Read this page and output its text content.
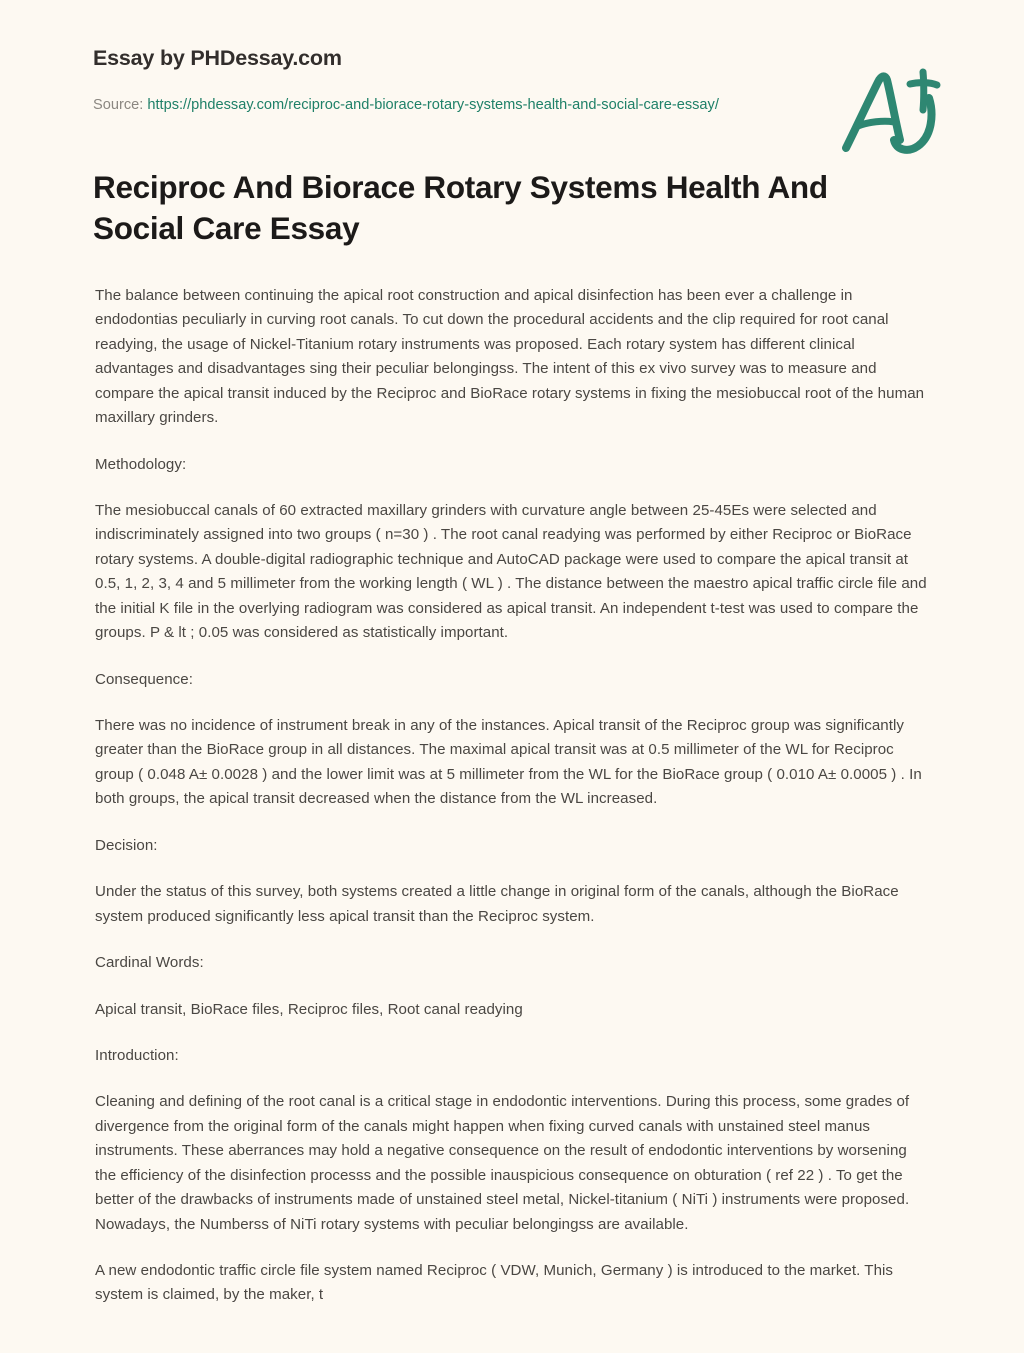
Essay by PHDessay.com
Source: https://phdessay.com/reciproc-and-biorace-rotary-systems-health-and-social-care-essay/
Reciproc And Biorace Rotary Systems Health And Social Care Essay

The balance between continuing the apical root construction and apical disinfection has been ever a challenge in endodontias peculiarly in curving root canals. To cut down the procedural accidents and the clip required for root canal readying, the usage of Nickel-Titanium rotary instruments was proposed. Each rotary system has different clinical advantages and disadvantages sing their peculiar belongingss. The intent of this ex vivo survey was to measure and compare the apical transit induced by the Reciproc and BioRace rotary systems in fixing the mesiobuccal root of the human maxillary grinders.

Methodology:

The mesiobuccal canals of 60 extracted maxillary grinders with curvature angle between 25-45Es were selected and indiscriminately assigned into two groups ( n=30 ) . The root canal readying was performed by either Reciproc or BioRace rotary systems. A double-digital radiographic technique and AutoCAD package were used to compare the apical transit at 0.5, 1, 2, 3, 4 and 5 millimeter from the working length ( WL ) . The distance between the maestro apical traffic circle file and the initial K file in the overlying radiogram was considered as apical transit. An independent t-test was used to compare the groups. P & lt ; 0.05 was considered as statistically important.

Consequence:

There was no incidence of instrument break in any of the instances. Apical transit of the Reciproc group was significantly greater than the BioRace group in all distances. The maximal apical transit was at 0.5 millimeter of the WL for Reciproc group ( 0.048 A± 0.0028 ) and the lower limit was at 5 millimeter from the WL for the BioRace group ( 0.010 A± 0.0005 ) . In both groups, the apical transit decreased when the distance from the WL increased.

Decision:

Under the status of this survey, both systems created a little change in original form of the canals, although the BioRace system produced significantly less apical transit than the Reciproc system.

Cardinal Words:

Apical transit, BioRace files, Reciproc files, Root canal readying

Introduction:

Cleaning and defining of the root canal is a critical stage in endodontic interventions. During this process, some grades of divergence from the original form of the canals might happen when fixing curved canals with unstained steel manus instruments. These aberrances may hold a negative consequence on the result of endodontic interventions by worsening the efficiency of the disinfection processs and the possible inauspicious consequence on obturation ( ref 22 ) . To get the better of the drawbacks of instruments made of unstained steel metal, Nickel-titanium ( NiTi ) instruments were proposed. Nowadays, the Numberss of NiTi rotary systems with peculiar belongingss are available.

A new endodontic traffic circle file system named Reciproc ( VDW, Munich, Germany ) is introduced to the market. This system is claimed, by the maker, t
